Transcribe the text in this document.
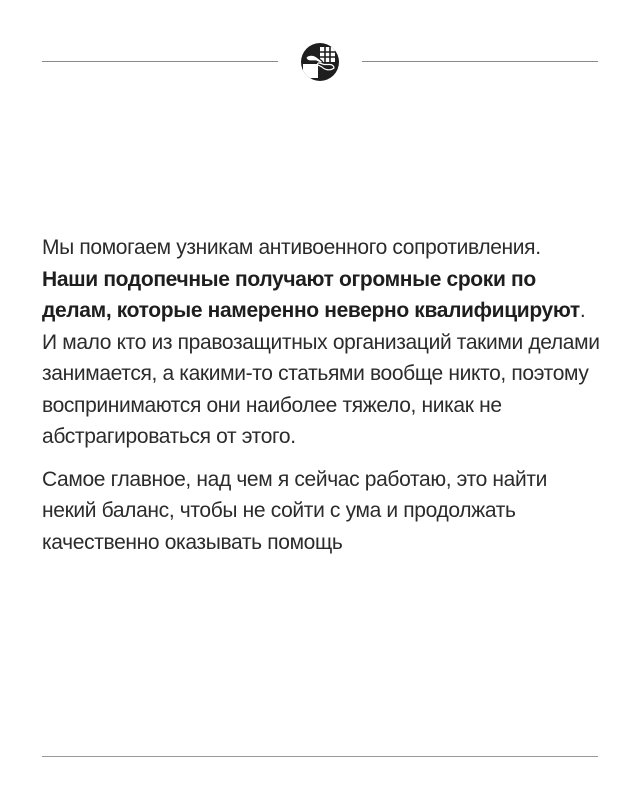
Мы помогаем узникам антивоенного сопротивления. Наши подопечные получают огромные сроки по делам, которые намеренно неверно квалифицируют. И мало кто из правозащитных организаций такими делами занимается, а какими-то статьями вообще никто, поэтому воспринимаются они наиболее тяжело, никак не абстрагироваться от этого.

Самое главное, над чем я сейчас работаю, это найти некий баланс, чтобы не сойти с ума и продолжать качественно оказывать помощь
